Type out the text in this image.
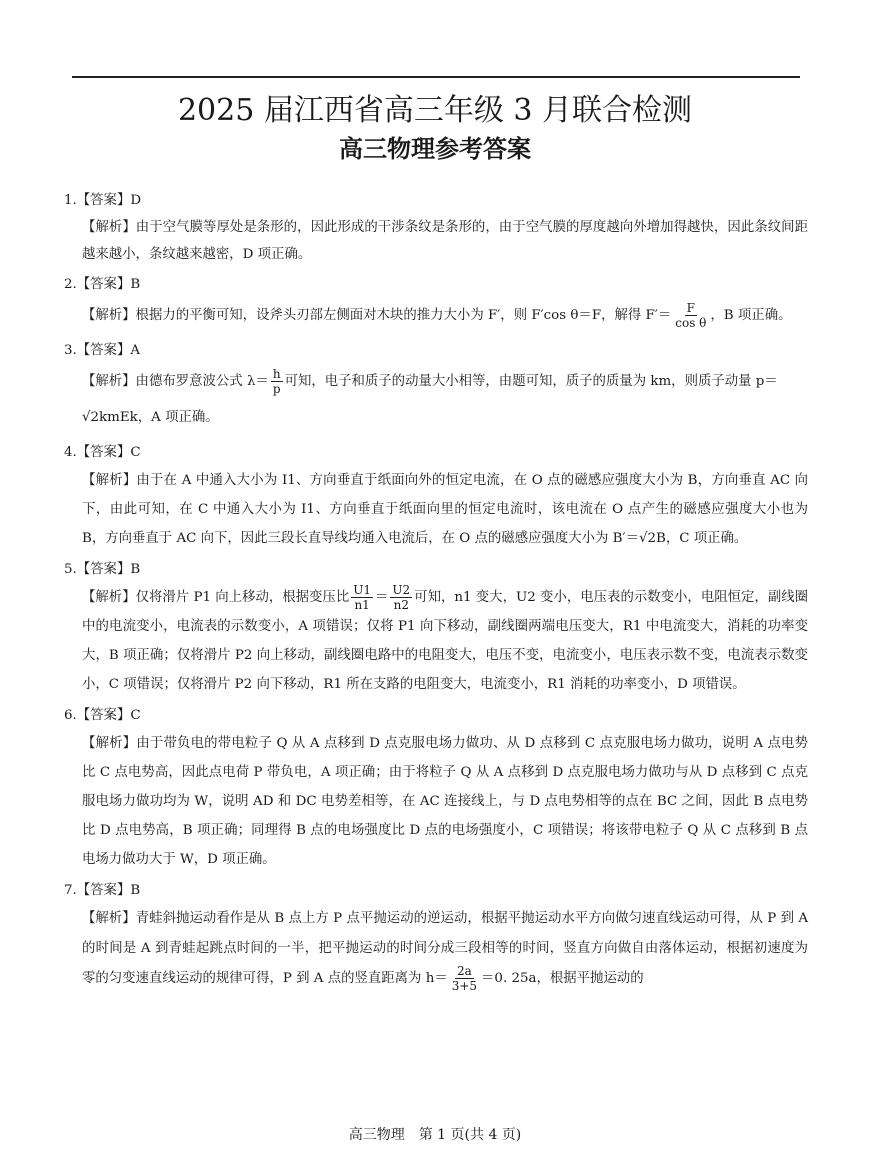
2025 届江西省高三年级 3 月联合检测
高三物理参考答案
1.【答案】D

【解析】由于空气膜等厚处是条形的，因此形成的干涉条纹是条形的，由于空气膜的厚度越向外增加得越快，因此条纹间距越来越小，条纹越来越密，D 项正确。

2.【答案】B

【解析】根据力的平衡可知，设斧头刃部左侧面对木块的推力大小为 F′，则 F′cos θ＝F，解得 $F'= \frac{F}{\text{cos θ}}$ ，B 项正确。

3.【答案】A

【解析】由德布罗意波公式 $\lambda= \frac{h}{p}$ 可知，电子和质子的动量大小相等，由题可知，质子的质量为 km，则质子动量 p＝

√2kmEk，A 项正确。

4.【答案】C

【解析】由于在 A 中通入大小为 I1、方向垂直于纸面向外的恒定电流，在 O 点的磁感应强度大小为 B，方向垂直 AC 向下，由此可知，在 C 中通入大小为 I1、方向垂直于纸面向里的恒定电流时，该电流在 O 点产生的磁感应强度大小也为 B，方向垂直于 AC 向下，因此三段长直导线均通入电流后，在 O 点的磁感应强度大小为 B′＝√2B，C 项正确。

5.【答案】B

【解析】仅将滑片 P1 向上移动，根据变压比 $\frac{U1}{n1} = \frac{U2}{n2}$ 可知，n1 变大，U2 变小，电压表的示数变小，电阻恒定，副线圈中的电流变小，电流表的示数变小，A 项错误；仅将 P1 向下移动，副线圈两端电压变大，R1 中电流变大，消耗的功率变大，B 项正确；仅将滑片 P2 向上移动，副线圈电路中的电阻变大，电压不变，电流变小，电压表示数不变，电流表示数变小，C 项错误；仅将滑片 P2 向下移动，R1 所在支路的电阻变大，电流变小，R1 消耗的功率变小，D 项错误。

6.【答案】C

【解析】由于带负电的带电粒子 Q 从 A 点移到 D 点克服电场力做功、从 D 点移到 C 点克服电场力做功，说明 A 点电势比 C 点电势高，因此点电荷 P 带负电，A 项正确；由于将粒子 Q 从 A 点移到 D 点克服电场力做功与从 D 点移到 C 点克服电场力做功均为 W，说明 AD 和 DC 电势差相等，在 AC 连接线上，与 D 点电势相等的点在 BC 之间，因此 B 点电势比 D 点电势高，B 项正确；同理得 B 点的电场强度比 D 点的电场强度小，C 项错误；将该带电粒子 Q 从 C 点移到 B 点电场力做功大于 W，D 项正确。

7.【答案】B

【解析】青蛙斜抛运动看作是从 B 点上方 P 点平抛运动的逆运动，根据平抛运动水平方向做匀速直线运动可得，从 P 到 A 的时间是 A 到青蛙起跳点时间的一半，把平抛运动的时间分成三段相等的时间，竖直方向做自由落体运动，根据初速度为零的匀变速直线运动的规律可得，P 到 A 点的竖直距离为 $h= \frac{2a}{3+5} =0$. 25a，根据平抛运动的

高三物理　第 1 页(共 4 页)
